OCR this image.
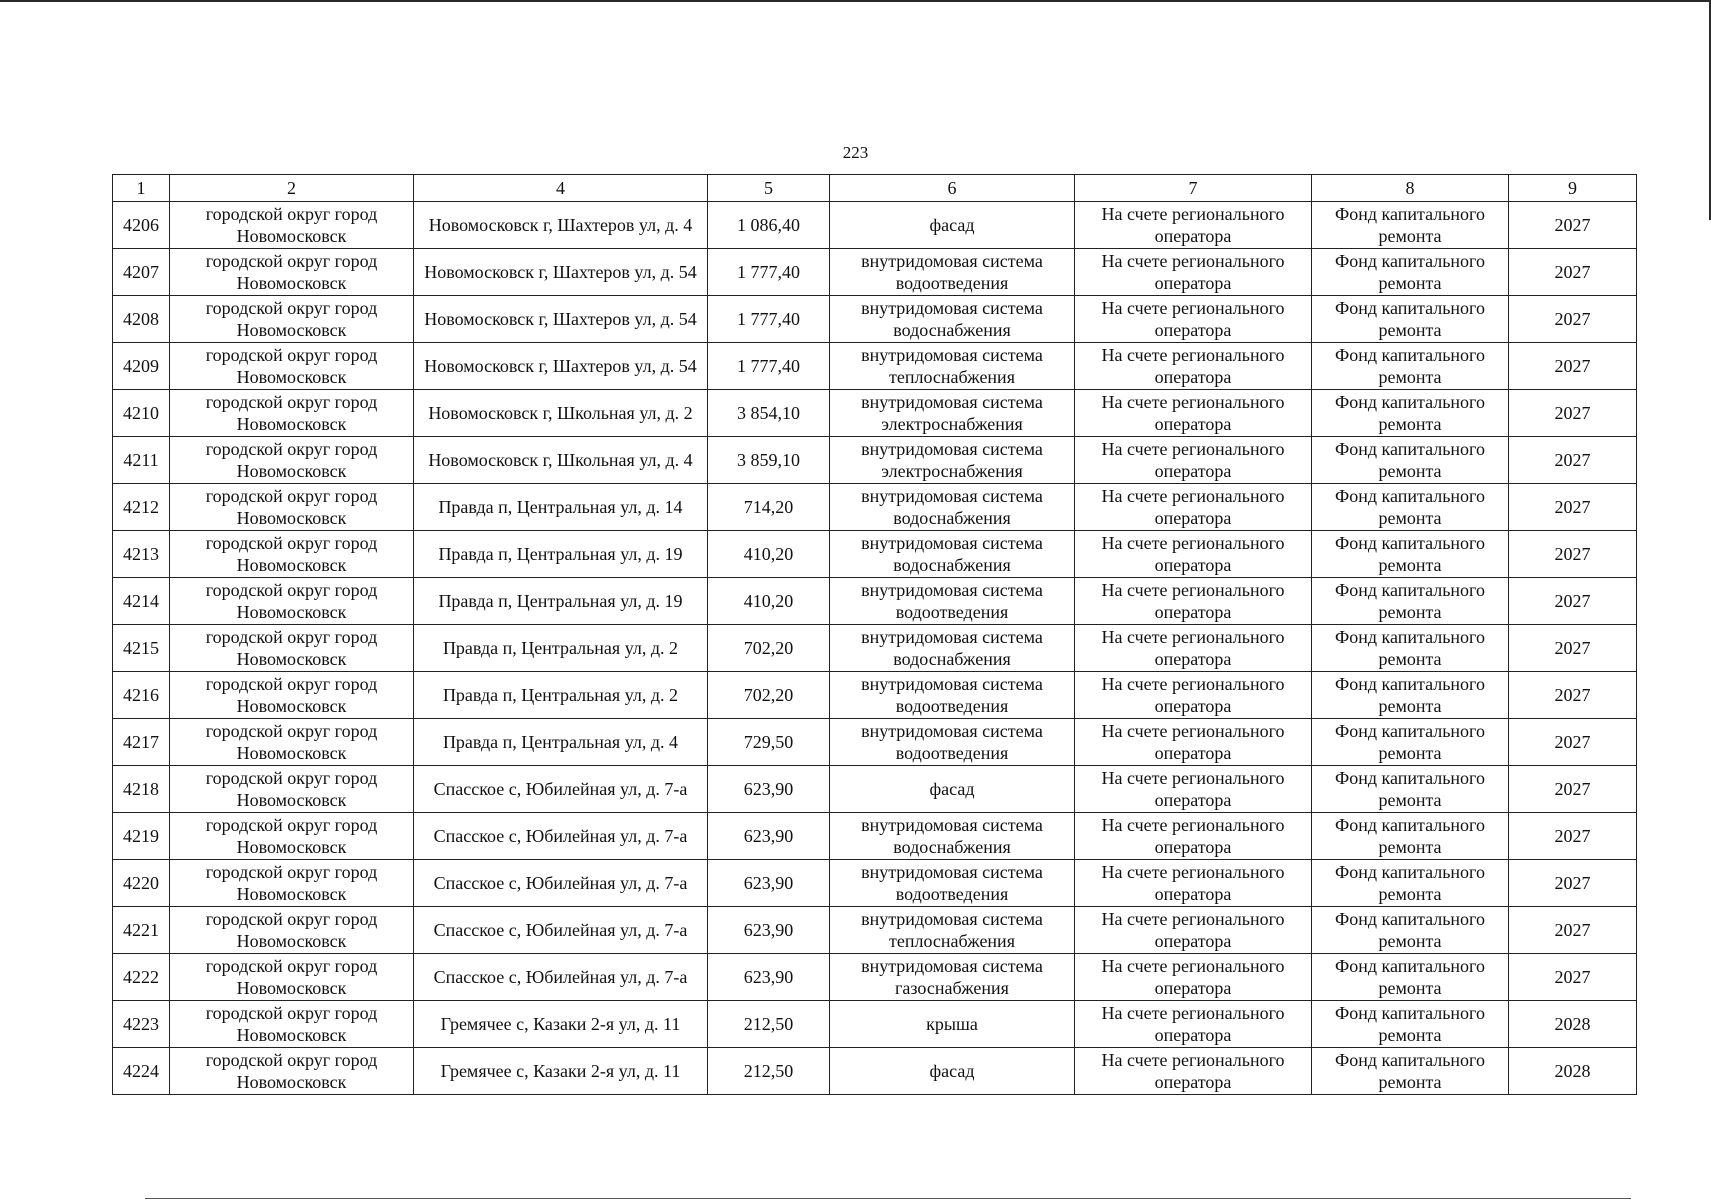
223
1	2	4	5	6	7	8	9
4206	городской округ город Новомосковск	Новомосковск г, Шахтеров ул, д. 4	1 086,40	фасад	На счете регионального оператора	Фонд капитального ремонта	2027
4207	городской округ город Новомосковск	Новомосковск г, Шахтеров ул, д. 54	1 777,40	внутридомовая система водоотведения	На счете регионального оператора	Фонд капитального ремонта	2027
4208	городской округ город Новомосковск	Новомосковск г, Шахтеров ул, д. 54	1 777,40	внутридомовая система водоснабжения	На счете регионального оператора	Фонд капитального ремонта	2027
4209	городской округ город Новомосковск	Новомосковск г, Шахтеров ул, д. 54	1 777,40	внутридомовая система теплоснабжения	На счете регионального оператора	Фонд капитального ремонта	2027
4210	городской округ город Новомосковск	Новомосковск г, Школьная ул, д. 2	3 854,10	внутридомовая система электроснабжения	На счете регионального оператора	Фонд капитального ремонта	2027
4211	городской округ город Новомосковск	Новомосковск г, Школьная ул, д. 4	3 859,10	внутридомовая система электроснабжения	На счете регионального оператора	Фонд капитального ремонта	2027
4212	городской округ город Новомосковск	Правда п, Центральная ул, д. 14	714,20	внутридомовая система водоснабжения	На счете регионального оператора	Фонд капитального ремонта	2027
4213	городской округ город Новомосковск	Правда п, Центральная ул, д. 19	410,20	внутридомовая система водоснабжения	На счете регионального оператора	Фонд капитального ремонта	2027
4214	городской округ город Новомосковск	Правда п, Центральная ул, д. 19	410,20	внутридомовая система водоотведения	На счете регионального оператора	Фонд капитального ремонта	2027
4215	городской округ город Новомосковск	Правда п, Центральная ул, д. 2	702,20	внутридомовая система водоснабжения	На счете регионального оператора	Фонд капитального ремонта	2027
4216	городской округ город Новомосковск	Правда п, Центральная ул, д. 2	702,20	внутридомовая система водоотведения	На счете регионального оператора	Фонд капитального ремонта	2027
4217	городской округ город Новомосковск	Правда п, Центральная ул, д. 4	729,50	внутридомовая система водоотведения	На счете регионального оператора	Фонд капитального ремонта	2027
4218	городской округ город Новомосковск	Спасское с, Юбилейная ул, д. 7-а	623,90	фасад	На счете регионального оператора	Фонд капитального ремонта	2027
4219	городской округ город Новомосковск	Спасское с, Юбилейная ул, д. 7-а	623,90	внутридомовая система водоснабжения	На счете регионального оператора	Фонд капитального ремонта	2027
4220	городской округ город Новомосковск	Спасское с, Юбилейная ул, д. 7-а	623,90	внутридомовая система водоотведения	На счете регионального оператора	Фонд капитального ремонта	2027
4221	городской округ город Новомосковск	Спасское с, Юбилейная ул, д. 7-а	623,90	внутридомовая система теплоснабжения	На счете регионального оператора	Фонд капитального ремонта	2027
4222	городской округ город Новомосковск	Спасское с, Юбилейная ул, д. 7-а	623,90	внутридомовая система газоснабжения	На счете регионального оператора	Фонд капитального ремонта	2027
4223	городской округ город Новомосковск	Гремячее с, Казаки 2-я ул, д. 11	212,50	крыша	На счете регионального оператора	Фонд капитального ремонта	2028
4224	городской округ город Новомосковск	Гремячее с, Казаки 2-я ул, д. 11	212,50	фасад	На счете регионального оператора	Фонд капитального ремонта	2028
